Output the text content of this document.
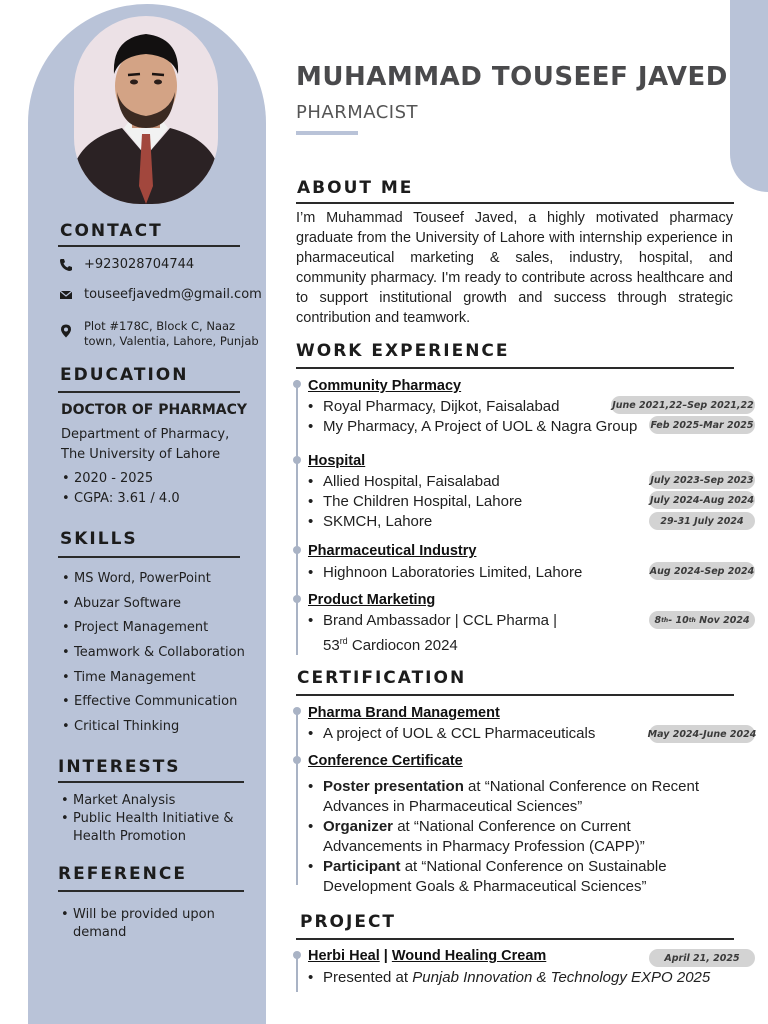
CONTACT
+923028704744
touseefjavedm@gmail.com
Plot #178C, Block C, Naaz
town, Valentia, Lahore, Punjab
EDUCATION
DOCTOR OF PHARMACY
Department of Pharmacy,
The University of Lahore
• 2020 - 2025
• CGPA: 3.61 / 4.0
SKILLS
• MS Word, PowerPoint
• Abuzar Software
• Project Management
• Teamwork & Collaboration
• Time Management
• Effective Communication
• Critical Thinking
INTERESTS
• Market Analysis
• Public Health Initiative &
Health Promotion
REFERENCE
• Will be provided upon
demand
MUHAMMAD TOUSEEF JAVED
PHARMACIST
ABOUT ME
I’m Muhammad Touseef Javed, a highly motivated pharmacy graduate from the University of Lahore with internship experience in pharmaceutical marketing & sales, industry, hospital, and community pharmacy. I'm ready to contribute across healthcare and to support institutional growth and success through strategic contribution and teamwork.
WORK EXPERIENCE
Community Pharmacy
• Royal Pharmacy, Dijkot, Faisalabad	June 2021,22–Sep 2021,22
• My Pharmacy, A Project of UOL & Nagra Group Feb 2025-Mar 2025
Hospital
• Allied Hospital, Faisalabad	July 2023-Sep 2023
• The Children Hospital, Lahore	July 2024-Aug 2024
• SKMCH, Lahore	29-31 July 2024
Pharmaceutical Industry
• Highnoon Laboratories Limited, Lahore	Aug 2024-Sep 2024
Product Marketing
• Brand Ambassador | CCL Pharma |
53rd Cardiocon 2024
8 th - 10 th Nov 2024
CERTIFICATION
Pharma Brand Management
• A project of UOL & CCL Pharmaceuticals	May 2024-June 2024
Conference Certificate
• Poster presentation at “National Conference on Recent
Advances in Pharmaceutical Sciences”
• Organizer at “National Conference on Current
Advancements in Pharmacy Profession (CAPP)”
• Participant at “National Conference on Sustainable
Development Goals & Pharmaceutical Sciences”
PROJECT
Herbi Heal | Wound Healing Cream	April 21, 2025
• Presented at Punjab Innovation & Technology EXPO 2025
